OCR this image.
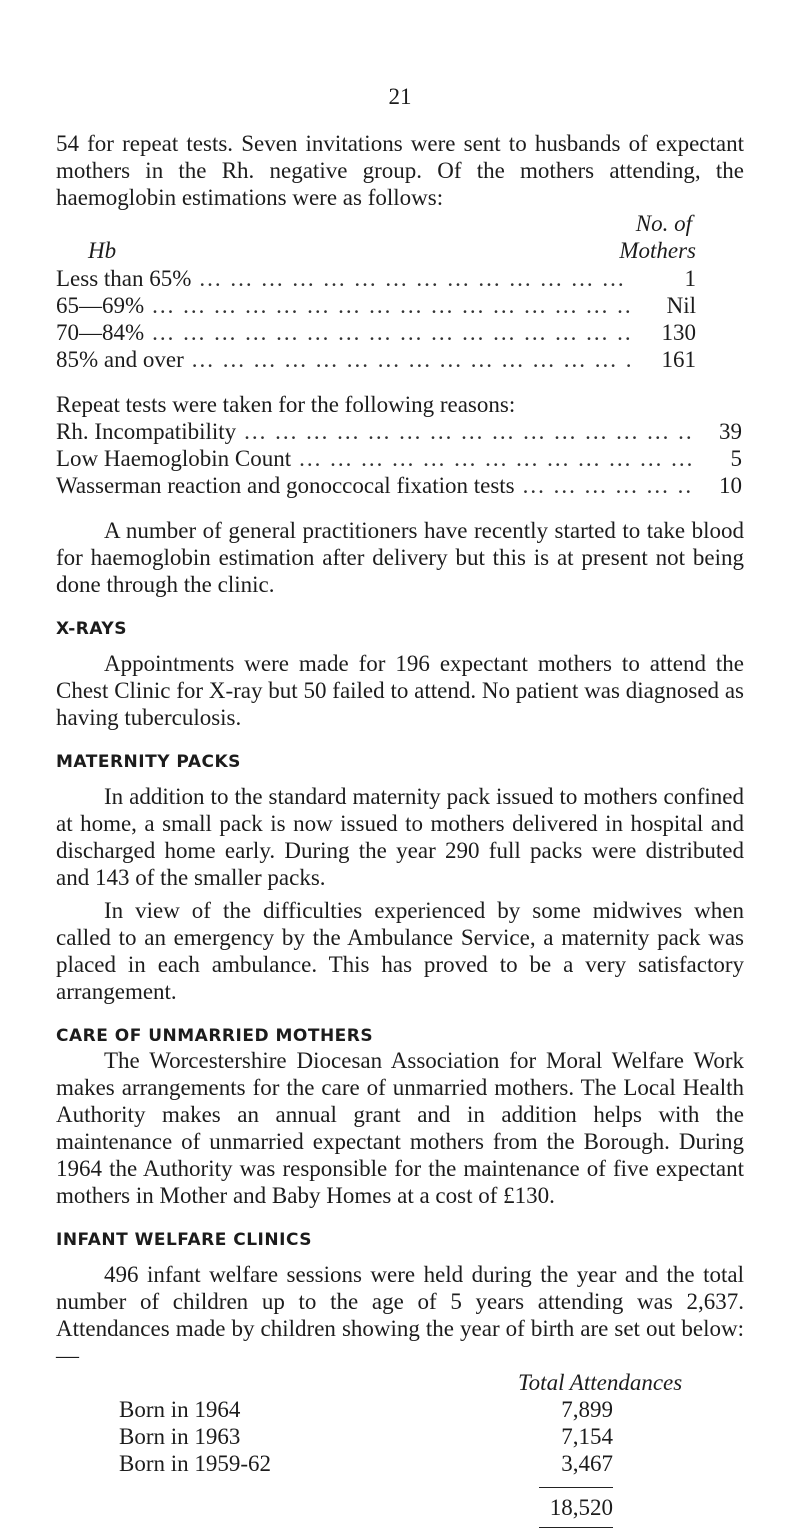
21

54 for repeat tests. Seven invitations were sent to husbands of expectant mothers in the Rh. negative group. Of the mothers attending, the haemoglobin estimations were as follows:

Hb
No. of
Mothers
Less than 65% ... .	1
65—69% ... .	Nil
70—84% ... .	130
85% and over ... .	161

Repeat tests were taken for the following reasons:

Rh. Incompatibility ... .	39
Low Haemoglobin Count ... .	5
Wasserman reaction and gonoccocal fixation tests ... .	10

A number of general practitioners have recently started to take blood for haemoglobin estimation after delivery but this is at present not being done through the clinic.

X-RAYS

Appointments were made for 196 expectant mothers to attend the Chest Clinic for X-ray but 50 failed to attend. No patient was diagnosed as having tuberculosis.

MATERNITY PACKS

In addition to the standard maternity pack issued to mothers confined at home, a small pack is now issued to mothers delivered in hospital and discharged home early. During the year 290 full packs were distributed and 143 of the smaller packs.

In view of the difficulties experienced by some midwives when called to an emergency by the Ambulance Service, a maternity pack was placed in each ambulance. This has proved to be a very satisfactory arrangement.

CARE OF UNMARRIED MOTHERS

The Worcestershire Diocesan Association for Moral Welfare Work makes arrangements for the care of unmarried mothers. The Local Health Authority makes an annual grant and in addition helps with the maintenance of unmarried expectant mothers from the Borough. During 1964 the Authority was responsible for the maintenance of five expectant mothers in Mother and Baby Homes at a cost of £130.

INFANT WELFARE CLINICS

496 infant welfare sessions were held during the year and the total number of children up to the age of 5 years attending was 2,637. Attendances made by children showing the year of birth are set out below:—

Total Attendances
Born in 1964	7,899
Born in 1963	7,154
Born in 1959-62	3,467
18,520
